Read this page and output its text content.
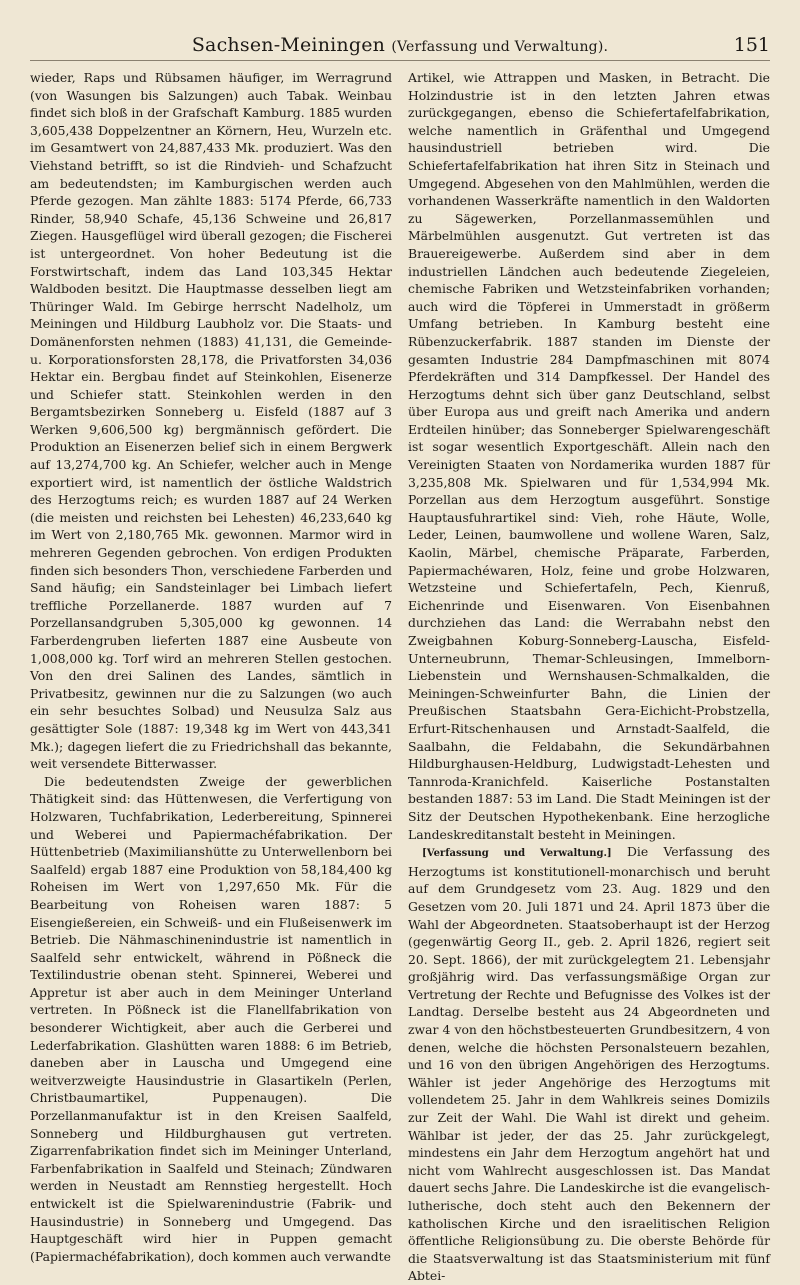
Sachsen-Meiningen (Verfassung und Verwaltung).	151

wieder, Raps und Rübsamen häufiger, im Werragrund (von Wasungen bis Salzungen) auch Tabak. Weinbau findet sich bloß in der Grafschaft Kamburg. 1885 wurden 3,605,438 Doppelzentner an Körnern, Heu, Wurzeln etc. im Gesamtwert von 24,887,433 Mk. produziert. Was den Viehstand betrifft, so ist die Rindvieh- und Schafzucht am bedeutendsten; im Kamburgischen werden auch Pferde gezogen. Man zählte 1883: 5174 Pferde, 66,733 Rinder, 58,940 Schafe, 45,136 Schweine und 26,817 Ziegen. Hausgeflügel wird überall gezogen; die Fischerei ist untergeordnet. Von hoher Bedeutung ist die Forstwirtschaft, indem das Land 103,345 Hektar Waldboden besitzt. Die Hauptmasse desselben liegt am Thüringer Wald. Im Gebirge herrscht Nadelholz, um Meiningen und Hildburg Laubholz vor. Die Staats- und Domänenforsten nehmen (1883) 41,131, die Gemeinde- u. Korporationsforsten 28,178, die Privatforsten 34,036 Hektar ein. Bergbau findet auf Steinkohlen, Eisenerze und Schiefer statt. Steinkohlen werden in den Bergamtsbezirken Sonneberg u. Eisfeld (1887 auf 3 Werken 9,606,500 kg) bergmännisch gefördert. Die Produktion an Eisenerzen belief sich in einem Bergwerk auf 13,274,700 kg. An Schiefer, welcher auch in Menge exportiert wird, ist namentlich der östliche Waldstrich des Herzogtums reich; es wurden 1887 auf 24 Werken (die meisten und reichsten bei Lehesten) 46,233,640 kg im Wert von 2,180,765 Mk. gewonnen. Marmor wird in mehreren Gegenden gebrochen. Von erdigen Produkten finden sich besonders Thon, verschiedene Farberden und Sand häufig; ein Sandsteinlager bei Limbach liefert treffliche Porzellanerde. 1887 wurden auf 7 Porzellansandgruben 5,305,000 kg gewonnen. 14 Farberdengruben lieferten 1887 eine Ausbeute von 1,008,000 kg. Torf wird an mehreren Stellen gestochen. Von den drei Salinen des Landes, sämtlich in Privatbesitz, gewinnen nur die zu Salzungen (wo auch ein sehr besuchtes Solbad) und Neusulza Salz aus gesättigter Sole (1887: 19,348 kg im Wert von 443,341 Mk.); dagegen liefert die zu Friedrichshall das bekannte, weit versendete Bitterwasser.

Die bedeutendsten Zweige der gewerblichen Thätigkeit sind: das Hüttenwesen, die Verfertigung von Holzwaren, Tuchfabrikation, Lederbereitung, Spinnerei und Weberei und Papiermachéfabrikation. Der Hüttenbetrieb (Maximilianshütte zu Unterwellenborn bei Saalfeld) ergab 1887 eine Produktion von 58,184,400 kg Roheisen im Wert von 1,297,650 Mk. Für die Bearbeitung von Roheisen waren 1887: 5 Eisengießereien, ein Schweiß- und ein Flußeisenwerk im Betrieb. Die Nähmaschinenindustrie ist namentlich in Saalfeld sehr entwickelt, während in Pößneck die Textilindustrie obenan steht. Spinnerei, Weberei und Appretur ist aber auch in dem Meininger Unterland vertreten. In Pößneck ist die Flanellfabrikation von besonderer Wichtigkeit, aber auch die Gerberei und Lederfabrikation. Glashütten waren 1888: 6 im Betrieb, daneben aber in Lauscha und Umgegend eine weitverzweigte Hausindustrie in Glasartikeln (Perlen, Christbaumartikel, Puppenaugen). Die Porzellanmanufaktur ist in den Kreisen Saalfeld, Sonneberg und Hildburghausen gut vertreten. Zigarrenfabrikation findet sich im Meininger Unterland, Farbenfabrikation in Saalfeld und Steinach; Zündwaren werden in Neustadt am Rennstieg hergestellt. Hoch entwickelt ist die Spielwarenindustrie (Fabrik- und Hausindustrie) in Sonneberg und Umgegend. Das Hauptgeschäft wird hier in Puppen gemacht (Papiermachéfabrikation), doch kommen auch verwandte

Artikel, wie Attrappen und Masken, in Betracht. Die Holzindustrie ist in den letzten Jahren etwas zurückgegangen, ebenso die Schiefertafelfabrikation, welche namentlich in Gräfenthal und Umgegend hausindustriell betrieben wird. Die Schiefertafelfabrikation hat ihren Sitz in Steinach und Umgegend. Abgesehen von den Mahlmühlen, werden die vorhandenen Wasserkräfte namentlich in den Waldorten zu Sägewerken, Porzellanmassemühlen und Märbelmühlen ausgenutzt. Gut vertreten ist das Brauereigewerbe. Außerdem sind aber in dem industriellen Ländchen auch bedeutende Ziegeleien, chemische Fabriken und Wetzsteinfabriken vorhanden; auch wird die Töpferei in Ummerstadt in größerm Umfang betrieben. In Kamburg besteht eine Rübenzuckerfabrik. 1887 standen im Dienste der gesamten Industrie 284 Dampfmaschinen mit 8074 Pferdekräften und 314 Dampfkessel. Der Handel des Herzogtums dehnt sich über ganz Deutschland, selbst über Europa aus und greift nach Amerika und andern Erdteilen hinüber; das Sonneberger Spielwarengeschäft ist sogar wesentlich Exportgeschäft. Allein nach den Vereinigten Staaten von Nordamerika wurden 1887 für 3,235,808 Mk. Spielwaren und für 1,534,994 Mk. Porzellan aus dem Herzogtum ausgeführt. Sonstige Hauptausfuhrartikel sind: Vieh, rohe Häute, Wolle, Leder, Leinen, baumwollene und wollene Waren, Salz, Kaolin, Märbel, chemische Präparate, Farberden, Papiermachéwaren, Holz, feine und grobe Holzwaren, Wetzsteine und Schiefertafeln, Pech, Kienruß, Eichenrinde und Eisenwaren. Von Eisenbahnen durchziehen das Land: die Werrabahn nebst den Zweigbahnen Koburg-Sonneberg-Lauscha, Eisfeld-Unterneubrunn, Themar-Schleusingen, Immelborn-Liebenstein und Wernshausen-Schmalkalden, die Meiningen-Schweinfurter Bahn, die Linien der Preußischen Staatsbahn Gera-Eichicht-Probstzella, Erfurt-Ritschenhausen und Arnstadt-Saalfeld, die Saalbahn, die Feldabahn, die Sekundärbahnen Hildburghausen-Heldburg, Ludwigstadt-Lehesten und Tannroda-Kranichfeld. Kaiserliche Postanstalten bestanden 1887: 53 im Land. Die Stadt Meiningen ist der Sitz der Deutschen Hypothekenbank. Eine herzogliche Landeskreditanstalt besteht in Meiningen.

[Verfassung und Verwaltung.] Die Verfassung des Herzogtums ist konstitutionell-monarchisch und beruht auf dem Grundgesetz vom 23. Aug. 1829 und den Gesetzen vom 20. Juli 1871 und 24. April 1873 über die Wahl der Abgeordneten. Staatsoberhaupt ist der Herzog (gegenwärtig Georg II., geb. 2. April 1826, regiert seit 20. Sept. 1866), der mit zurückgelegtem 21. Lebensjahr großjährig wird. Das verfassungsmäßige Organ zur Vertretung der Rechte und Befugnisse des Volkes ist der Landtag. Derselbe besteht aus 24 Abgeordneten und zwar 4 von den höchstbesteuerten Grundbesitzern, 4 von denen, welche die höchsten Personalsteuern bezahlen, und 16 von den übrigen Angehörigen des Herzogtums. Wähler ist jeder Angehörige des Herzogtums mit vollendetem 25. Jahr in dem Wahlkreis seines Domizils zur Zeit der Wahl. Die Wahl ist direkt und geheim. Wählbar ist jeder, der das 25. Jahr zurückgelegt, mindestens ein Jahr dem Herzogtum angehört hat und nicht vom Wahlrecht ausgeschlossen ist. Das Mandat dauert sechs Jahre. Die Landeskirche ist die evangelisch-lutherische, doch steht auch den Bekennern der katholischen Kirche und den israelitischen Religion öffentliche Religionsübung zu. Die oberste Behörde für die Staatsverwaltung ist das Staatsministerium mit fünf Abtei-
